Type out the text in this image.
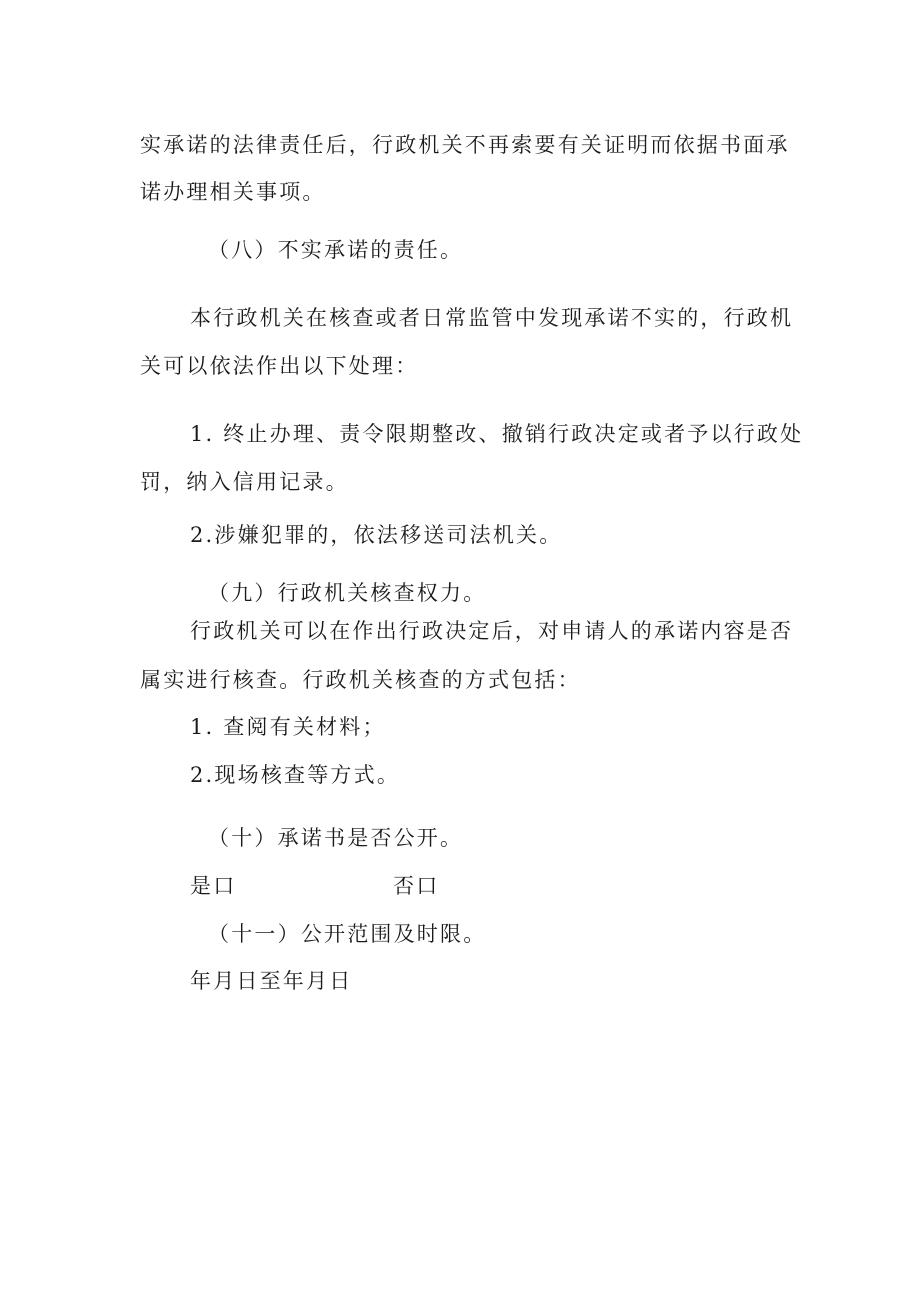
实承诺的法律责任后，行政机关不再索要有关证明而依据书面承
诺办理相关事项。
（八）不实承诺的责任。
本行政机关在核查或者日常监管中发现承诺不实的，行政机
关可以依法作出以下处理：
1. 终止办理、责令限期整改、撤销行政决定或者予以行政处
罚，纳入信用记录。
2.涉嫌犯罪的，依法移送司法机关。
（九）行政机关核查权力。
行政机关可以在作出行政决定后，对申请人的承诺内容是否
属实进行核查。行政机关核查的方式包括：
1. 查阅有关材料；
2.现场核查等方式。
（十）承诺书是否公开。
是口	否口
（十一）公开范围及时限。
年月日至年月日
